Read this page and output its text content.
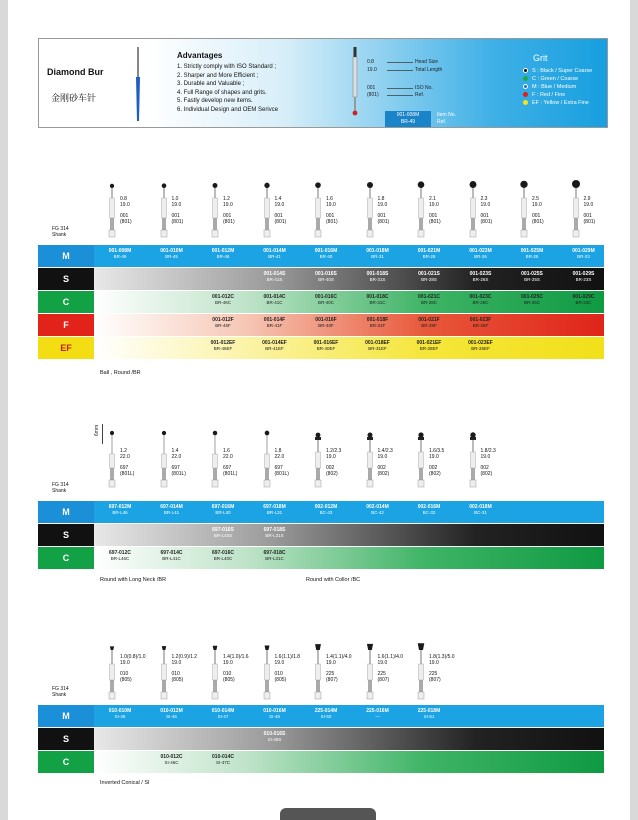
Diamond Bur
金刚砂车针
Advantages
1. Strictly comply with ISO Standard ;
2. Sharper and More Efficient ;
3. Durable and Valuable ;
4. Full Range of shapes and grits.
5. Fastly develop new items.
6. Individual Design and OEM Serivce
0.8
19.0
001
(801)
Head Size
Total Length
ISO No.
Ref.
001-008M
BR-49
Item No.
Ref.
Grit
S : Black / Super Coarse
C : Green / Coarse
M : Blue / Medium
F : Red / Fine
EF : Yellow / Extra Fine
0.8
19.0
001
(801)
1.0
19.0
001
(801)
1.2
19.0
001
(801)
1.4
19.0
001
(801)
1.6
19.0
001
(801)
1.8
19.0
001
(801)
2.1
19.0
001
(801)
2.3
19.0
001
(801)
2.5
19.0
001
(801)
2.9
19.0
001
(801)
FG 314
Shank
M	001-008M
BR-49
001-010M
BR-45
001-012M
BR-46
001-014M
BR-41
001-016M
BR-40
001-018M
BR-31
001-021M
BR-28
001-023M
BR-26
001-025M
BR-25
001-029M
BR-23
S	001-014S
BR-41S
001-016S
BR-40S
001-018S
BR-31S
001-021S
BR-28S
001-023S
BR-26S
001-025S
BR-25S
001-029S
BR-23S
C	001-012C
BR-46C
001-014C
BR-41C
001-016C
BR-40C
001-018C
BR-31C
001-021C
BR-28C
001-023C
BR-26C
001-025C
BR-25C
001-029C
BR-23C
F	001-012F
BR-46F
001-014F
BR-41F
001-016F
BR-40F
001-018F
BR-31F
001-021F
BR-28F
001-023F
BR-26F
EF	001-012EF
BR-46EF
001-014EF
BR-41EF
001-016EF
BR-40EF
001-018EF
BR-31EF
001-021EF
BR-28EF
001-023EF
BR-26EF
Ball , Round /BR
1.2
22.0
697
(801L)
1.4
22.0
697
(801L)
1.6
22.0
697
(801L)
1.8
22.0
697
(801L)
1.2/2.3
19.0
002
(802)
1.4/2.3
19.0
002
(802)
1.6/3.5
19.0
002
(802)
1.8/2.3
19.0
002
(802)
FG 314
Shank
M	697-012M
BR-L46
697-014M
BR-L41
697-016M
BR-L40
697-018M
BR-L31
002-012M
BC-43
002-014M
BC-42
002-016M
BC-32
002-018M
BC-31
S	697-016S
BR-L40S
697-018S
BR-L31S
C	697-012C
BR-L46C
697-014C
BR-L41C
697-016C
BR-L40C
697-018C
BR-L31C
Round with Long Neck /BR	Round with Collor /BC
6mm
1.0(0.8)/1.0
19.0
010
(805)
1.2(0.9)/1.2
19.0
010
(805)
1.4(1.0)/1.6
19.0
010
(805)
1.6(1.1)/1.8
19.0
010
(805)
1.4(1.1)/4.0
19.0
225
(807)
1.6(1.1)/4.0
19.0
225
(807)
1.8(1.3)/5.0
19.0
225
(807)
FG 314
Shank
M	010-010M
SI-45
010-012M
SI-46
010-014M
SI-47
010-016M
SI-48
225-014M
SI-50
225-016M
—
225-018M
SI-51
S	010-016S
SI-48S
C	010-012C
SI-46C
010-014C
SI-47C
Inverted Conical / SI
